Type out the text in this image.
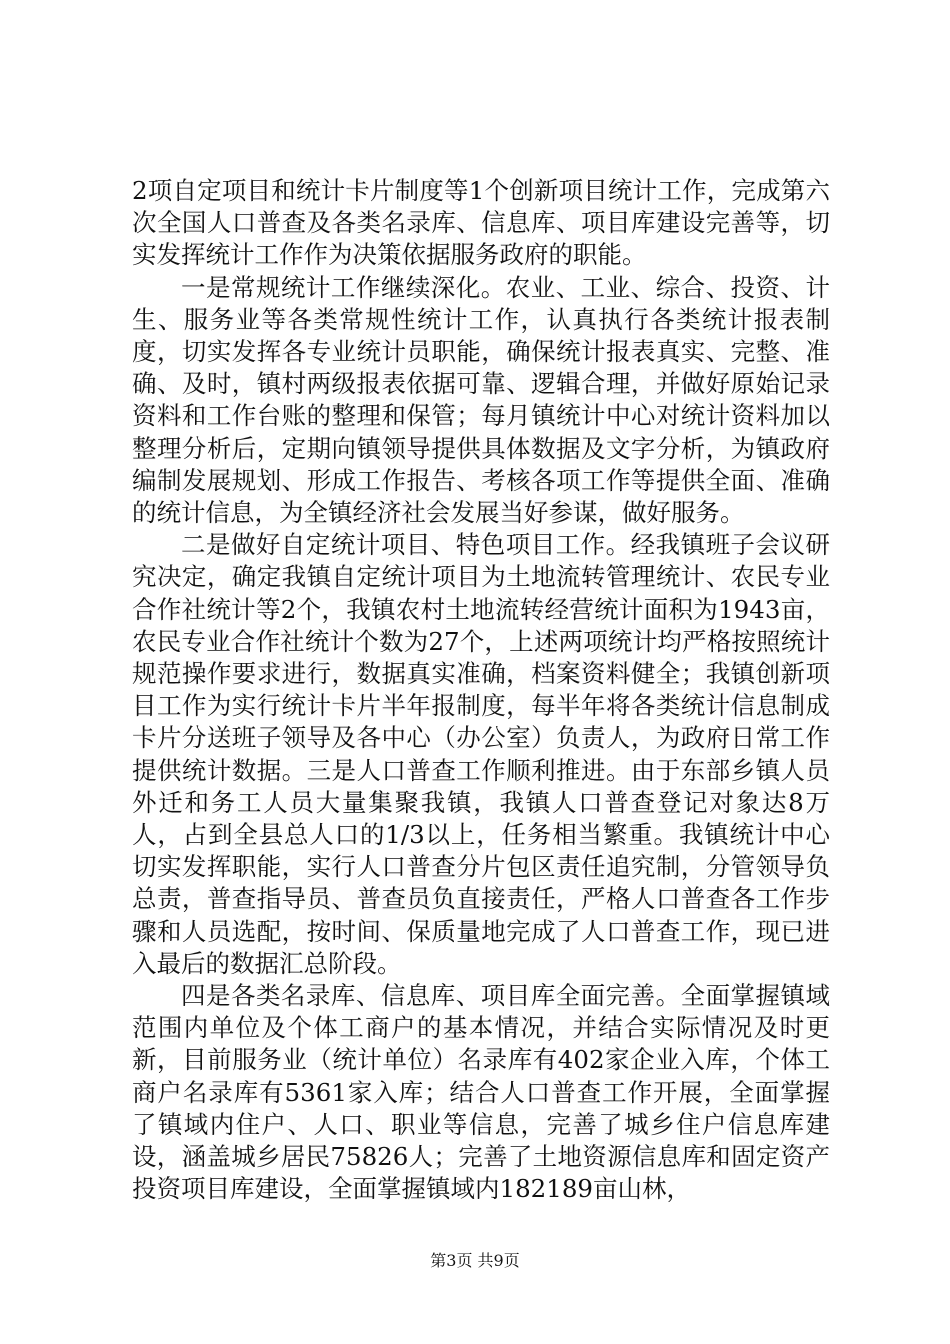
2项自定项目和统计卡片制度等1个创新项目统计工作，完成第六次全国人口普查及各类名录库、信息库、项目库建设完善等，切实发挥统计工作作为决策依据服务政府的职能。

一是常规统计工作继续深化。农业、工业、综合、投资、计生、服务业等各类常规性统计工作，认真执行各类统计报表制度，切实发挥各专业统计员职能，确保统计报表真实、完整、准确、及时，镇村两级报表依据可靠、逻辑合理，并做好原始记录资料和工作台账的整理和保管；每月镇统计中心对统计资料加以整理分析后，定期向镇领导提供具体数据及文字分析，为镇政府编制发展规划、形成工作报告、考核各项工作等提供全面、准确的统计信息，为全镇经济社会发展当好参谋，做好服务。

二是做好自定统计项目、特色项目工作。经我镇班子会议研究决定，确定我镇自定统计项目为土地流转管理统计、农民专业合作社统计等2个，我镇农村土地流转经营统计面积为1943亩，农民专业合作社统计个数为27个，上述两项统计均严格按照统计规范操作要求进行，数据真实准确，档案资料健全；我镇创新项目工作为实行统计卡片半年报制度，每半年将各类统计信息制成卡片分送班子领导及各中心（办公室）负责人，为政府日常工作提供统计数据。三是人口普查工作顺利推进。由于东部乡镇人员外迁和务工人员大量集聚我镇，我镇人口普查登记对象达8万人，占到全县总人口的1/3以上，任务相当繁重。我镇统计中心切实发挥职能，实行人口普查分片包区责任追究制，分管领导负总责，普查指导员、普查员负直接责任，严格人口普查各工作步骤和人员选配，按时间、保质量地完成了人口普查工作，现已进入最后的数据汇总阶段。

四是各类名录库、信息库、项目库全面完善。全面掌握镇域范围内单位及个体工商户的基本情况，并结合实际情况及时更新，目前服务业（统计单位）名录库有402家企业入库，个体工商户名录库有5361家入库；结合人口普查工作开展，全面掌握了镇域内住户、人口、职业等信息，完善了城乡住户信息库建设，涵盖城乡居民75826人；完善了土地资源信息库和固定资产投资项目库建设，全面掌握镇域内182189亩山林，

第3页 共9页
